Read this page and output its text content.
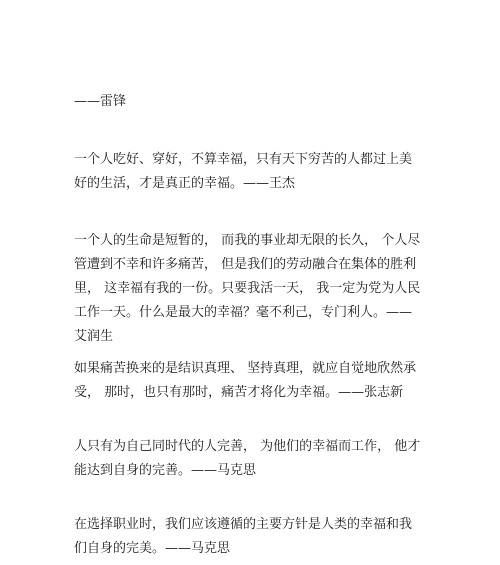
——雷锋

一个人吃好、穿好，不算幸福，只有天下穷苦的人都过上美好的生活，才是真正的幸福。——王杰

一个人的生命是短暂的， 而我的事业却无限的长久， 个人尽管遭到不幸和许多痛苦， 但是我们的劳动融合在集体的胜利里， 这幸福有我的一份。只要我活一天， 我一定为党为人民工作一天。什么是最大的幸福？毫不利己，专门利人。——艾润生

如果痛苦换来的是结识真理、 坚持真理，就应自觉地欣然承受， 那时，也只有那时，痛苦才将化为幸福。——张志新

人只有为自己同时代的人完善， 为他们的幸福而工作， 他才能达到自身的完善。——马克思

在选择职业时，我们应该遵循的主要方针是人类的幸福和我们自身的完美。——马克思
